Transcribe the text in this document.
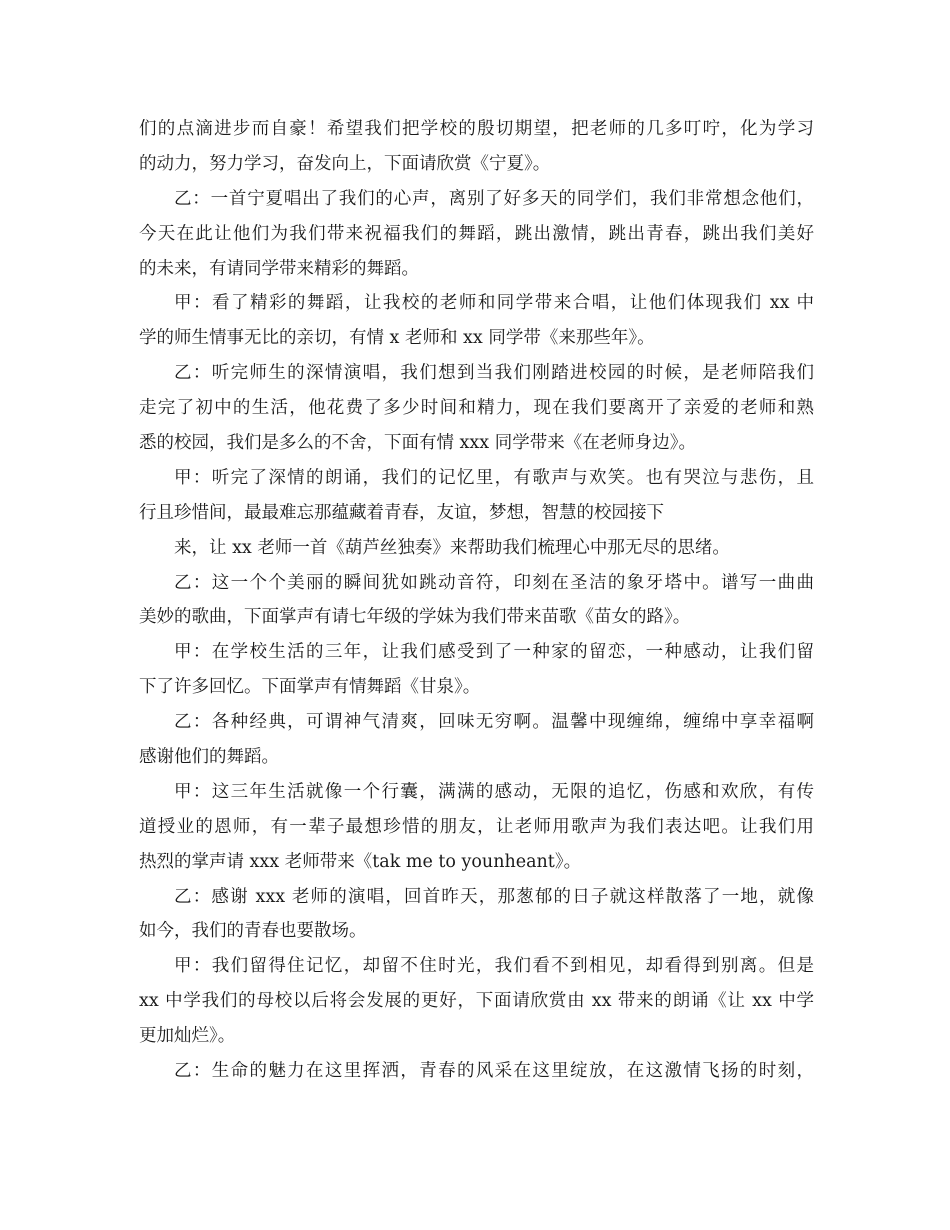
们的点滴进步而自豪！希望我们把学校的殷切期望，把老师的几多叮咛，化为学习
的动力，努力学习，奋发向上，下面请欣赏《宁夏》。
乙：一首宁夏唱出了我们的心声，离别了好多天的同学们，我们非常想念他们，
今天在此让他们为我们带来祝福我们的舞蹈，跳出激情，跳出青春，跳出我们美好
的未来，有请同学带来精彩的舞蹈。
甲：看了精彩的舞蹈，让我校的老师和同学带来合唱，让他们体现我们 xx 中
学的师生情事无比的亲切，有情 x 老师和 xx 同学带《来那些年》。
乙：听完师生的深情演唱，我们想到当我们刚踏进校园的时候，是老师陪我们
走完了初中的生活，他花费了多少时间和精力，现在我们要离开了亲爱的老师和熟
悉的校园，我们是多么的不舍，下面有情 xxx 同学带来《在老师身边》。
甲：听完了深情的朗诵，我们的记忆里，有歌声与欢笑。也有哭泣与悲伤，且
行且珍惜间，最最难忘那蕴藏着青春，友谊，梦想，智慧的校园接下
来，让 xx 老师一首《葫芦丝独奏》来帮助我们梳理心中那无尽的思绪。
乙：这一个个美丽的瞬间犹如跳动音符，印刻在圣洁的象牙塔中。谱写一曲曲
美妙的歌曲，下面掌声有请七年级的学妹为我们带来苗歌《苗女的路》。
甲：在学校生活的三年，让我们感受到了一种家的留恋，一种感动，让我们留
下了许多回忆。下面掌声有情舞蹈《甘泉》。
乙：各种经典，可谓神气清爽，回味无穷啊。温馨中现缠绵，缠绵中享幸福啊
感谢他们的舞蹈。
甲：这三年生活就像一个行囊，满满的感动，无限的追忆，伤感和欢欣，有传
道授业的恩师，有一辈子最想珍惜的朋友，让老师用歌声为我们表达吧。让我们用
热烈的掌声请 xxx 老师带来《tak me to younheant》。
乙：感谢 xxx 老师的演唱，回首昨天，那葱郁的日子就这样散落了一地，就像
如今，我们的青春也要散场。
甲：我们留得住记忆，却留不住时光，我们看不到相见，却看得到别离。但是
xx 中学我们的母校以后将会发展的更好，下面请欣赏由 xx 带来的朗诵《让 xx 中学
更加灿烂》。
乙：生命的魅力在这里挥洒，青春的风采在这里绽放，在这激情飞扬的时刻，
